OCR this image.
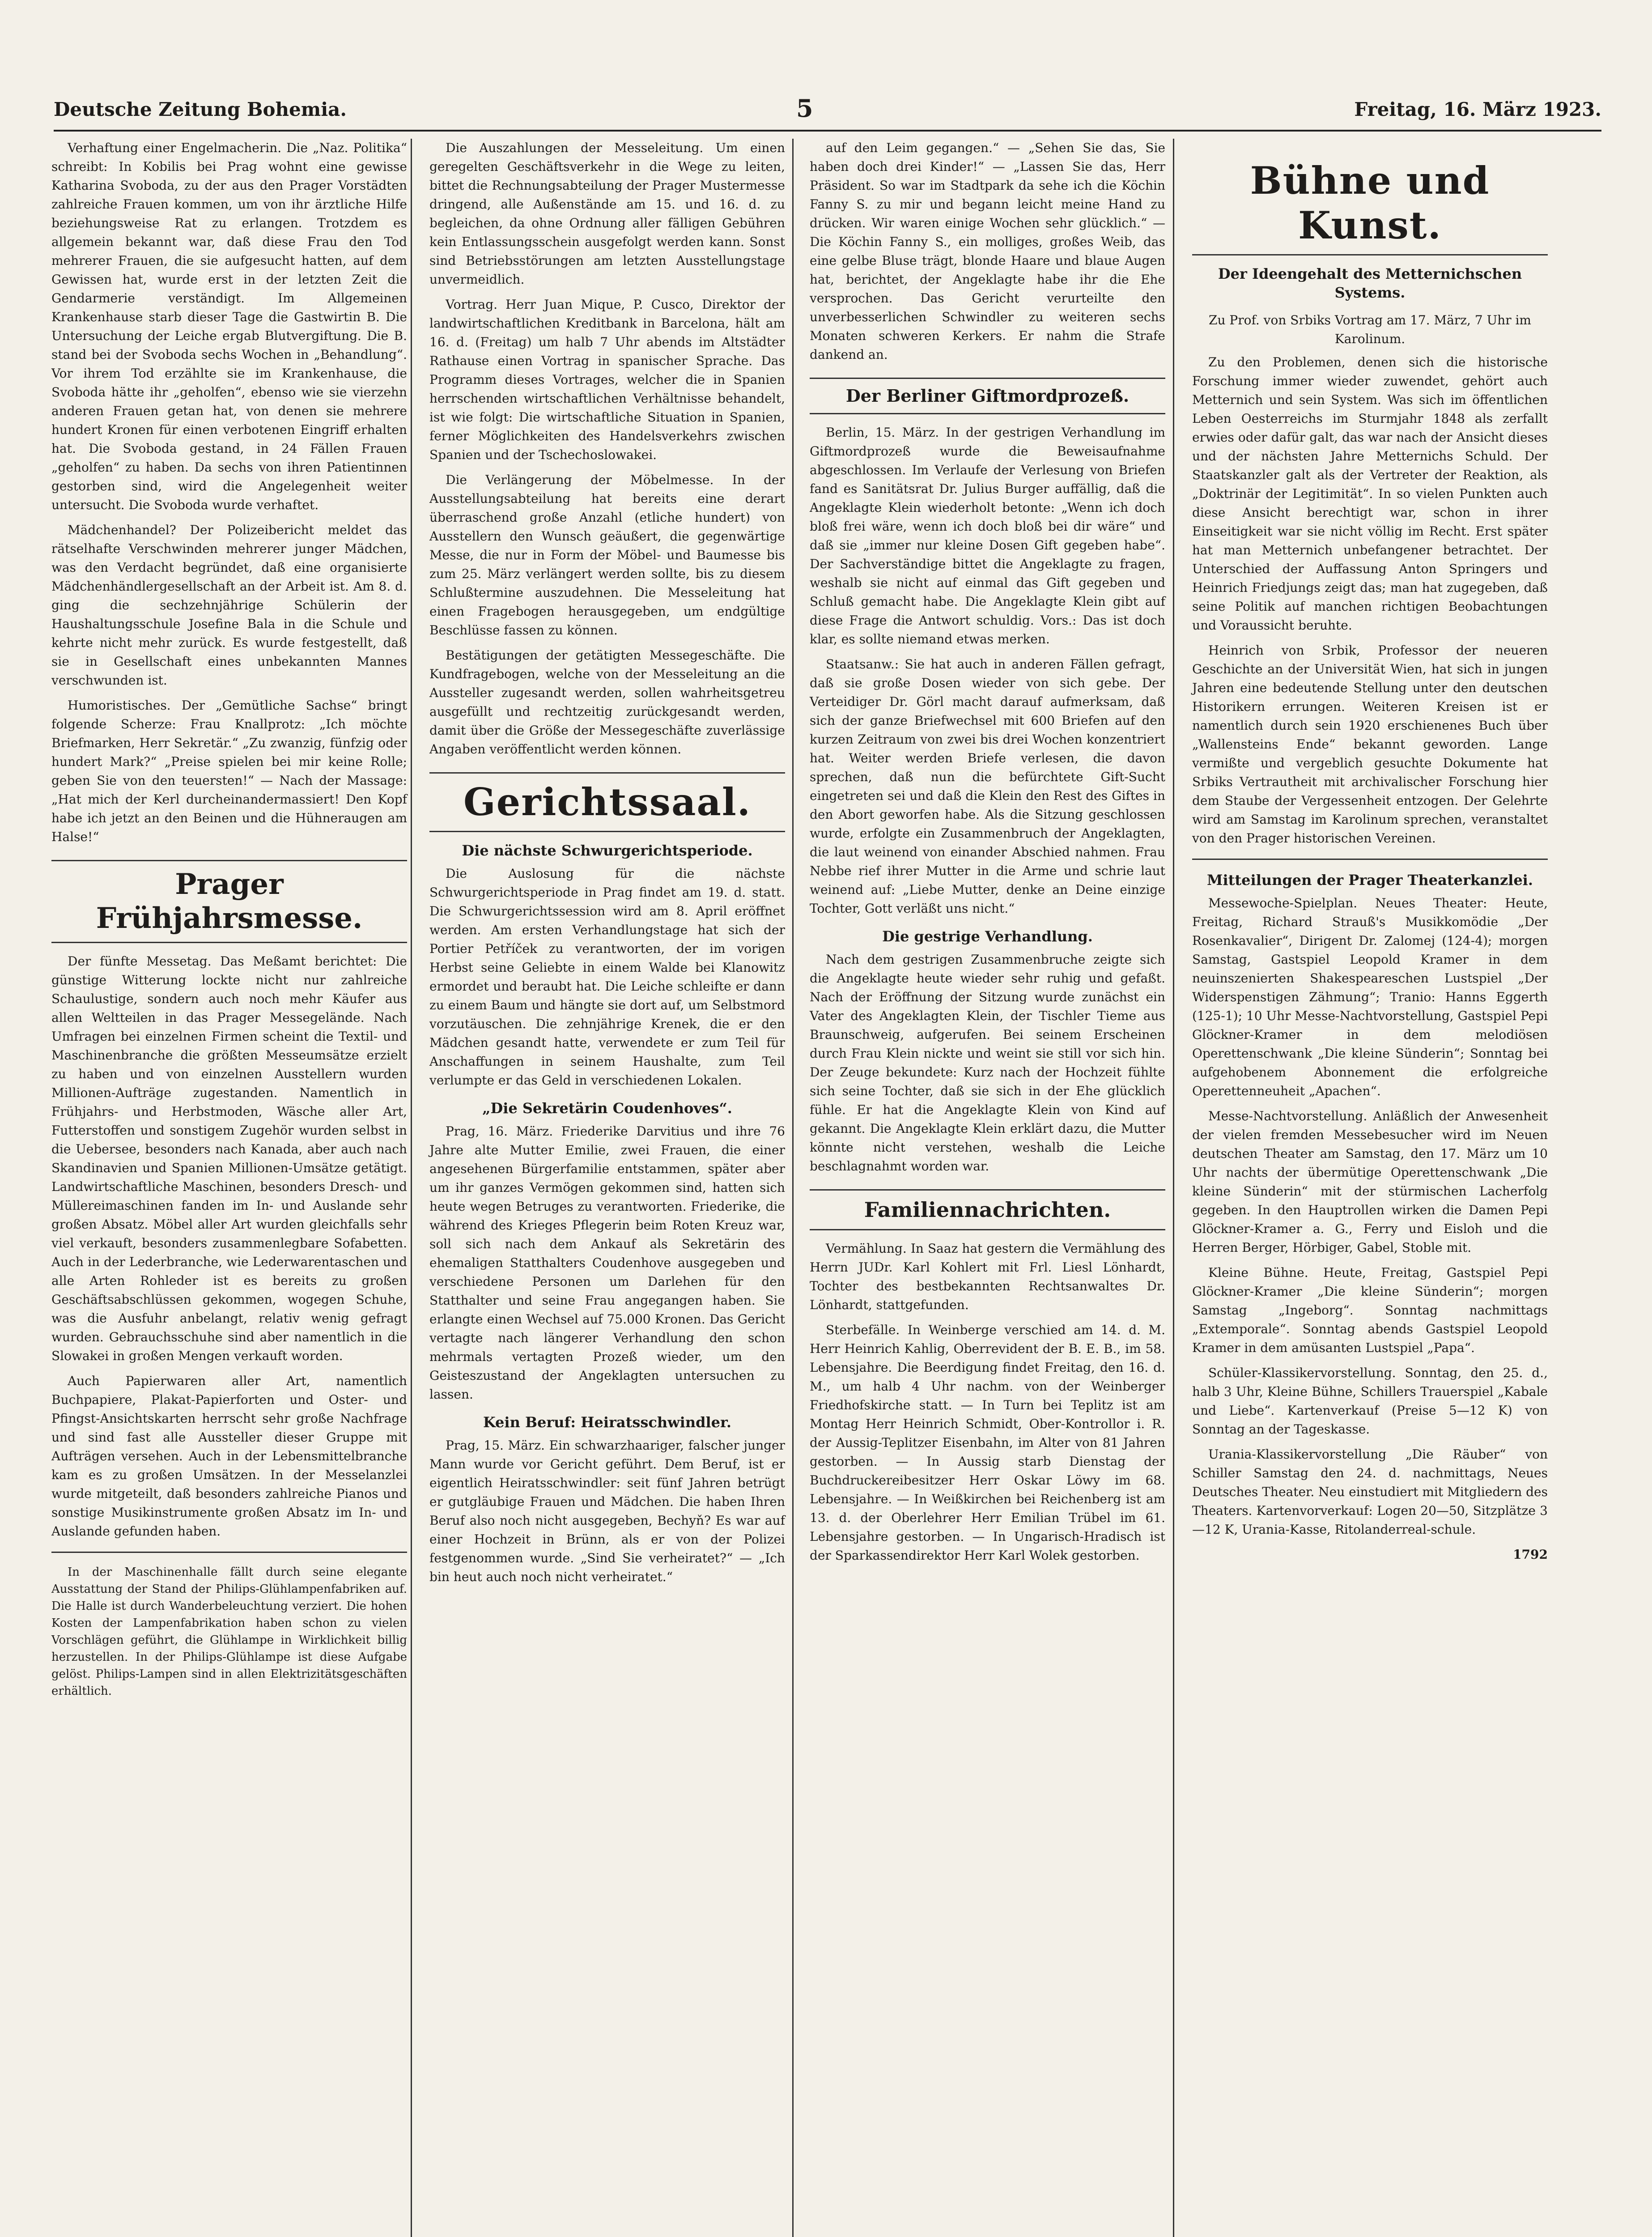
Deutsche Zeitung Bohemia.	5	Freitag, 16. März 1923.

Verhaftung einer Engelmacherin. Die „Naz. Politika“ schreibt: In Kobilis bei Prag wohnt eine gewisse Katharina Svoboda, zu der aus den Prager Vorstädten zahlreiche Frauen kommen, um von ihr ärztliche Hilfe beziehungsweise Rat zu erlangen. Trotzdem es allgemein bekannt war, daß diese Frau den Tod mehrerer Frauen, die sie aufgesucht hatten, auf dem Gewissen hat, wurde erst in der letzten Zeit die Gendarmerie verständigt. Im Allgemeinen Krankenhause starb dieser Tage die Gastwirtin B. Die Untersuchung der Leiche ergab Blutvergiftung. Die B. stand bei der Svoboda sechs Wochen in „Behandlung“. Vor ihrem Tod erzählte sie im Krankenhause, die Svoboda hätte ihr „geholfen“, ebenso wie sie vierzehn anderen Frauen getan hat, von denen sie mehrere hundert Kronen für einen verbotenen Eingriff erhalten hat. Die Svoboda gestand, in 24 Fällen Frauen „geholfen“ zu haben. Da sechs von ihren Patientinnen gestorben sind, wird die Angelegenheit weiter untersucht. Die Svoboda wurde verhaftet.

Mädchenhandel? Der Polizeibericht meldet das rätselhafte Verschwinden mehrerer junger Mädchen, was den Verdacht begründet, daß eine organisierte Mädchenhändlergesellschaft an der Arbeit ist. Am 8. d. ging die sechzehnjährige Schülerin der Haushaltungsschule Josefine Bala in die Schule und kehrte nicht mehr zurück. Es wurde festgestellt, daß sie in Gesellschaft eines unbekannten Mannes verschwunden ist.

Humoristisches. Der „Gemütliche Sachse“ bringt folgende Scherze: Frau Knallprotz: „Ich möchte Briefmarken, Herr Sekretär.“ „Zu zwanzig, fünfzig oder hundert Mark?“ „Preise spielen bei mir keine Rolle; geben Sie von den teuersten!“ — Nach der Massage: „Hat mich der Kerl durcheinandermassiert! Den Kopf habe ich jetzt an den Beinen und die Hühneraugen am Halse!“

Prager Frühjahrsmesse.

Der fünfte Messetag. Das Meßamt berichtet: Die günstige Witterung lockte nicht nur zahlreiche Schaulustige, sondern auch noch mehr Käufer aus allen Weltteilen in das Prager Messegelände. Nach Umfragen bei einzelnen Firmen scheint die Textil- und Maschinenbranche die größten Messeumsätze erzielt zu haben und von einzelnen Ausstellern wurden Millionen-Aufträge zugestanden. Namentlich in Frühjahrs- und Herbstmoden, Wäsche aller Art, Futterstoffen und sonstigem Zugehör wurden selbst in die Uebersee, besonders nach Kanada, aber auch nach Skandinavien und Spanien Millionen-Umsätze getätigt. Landwirtschaftliche Maschinen, besonders Dresch- und Müllereimaschinen fanden im In- und Auslande sehr großen Absatz. Möbel aller Art wurden gleichfalls sehr viel verkauft, besonders zusammenlegbare Sofabetten. Auch in der Lederbranche, wie Lederwarentaschen und alle Arten Rohleder ist es bereits zu großen Geschäftsabschlüssen gekommen, wogegen Schuhe, was die Ausfuhr anbelangt, relativ wenig gefragt wurden. Gebrauchsschuhe sind aber namentlich in die Slowakei in großen Mengen verkauft worden.

Auch Papierwaren aller Art, namentlich Buchpapiere, Plakat-Papierforten und Oster- und Pfingst-Ansichtskarten herrscht sehr große Nachfrage und sind fast alle Aussteller dieser Gruppe mit Aufträgen versehen. Auch in der Lebensmittelbranche kam es zu großen Umsätzen. In der Messelanzlei wurde mitgeteilt, daß besonders zahlreiche Pianos und sonstige Musikinstrumente großen Absatz im In- und Auslande gefunden haben.

In der Maschinenhalle fällt durch seine elegante Ausstattung der Stand der Philips-Glühlampenfabriken auf. Die Halle ist durch Wanderbeleuchtung verziert. Die hohen Kosten der Lampenfabrikation haben schon zu vielen Vorschlägen geführt, die Glühlampe in Wirklichkeit billig herzustellen. In der Philips-Glühlampe ist diese Aufgabe gelöst. Philips-Lampen sind in allen Elektrizitätsgeschäften erhältlich.

Die Auszahlungen der Messeleitung. Um einen geregelten Geschäftsverkehr in die Wege zu leiten, bittet die Rechnungsabteilung der Prager Mustermesse dringend, alle Außenstände am 15. und 16. d. zu begleichen, da ohne Ordnung aller fälligen Gebühren kein Entlassungsschein ausgefolgt werden kann. Sonst sind Betriebsstörungen am letzten Ausstellungstage unvermeidlich.

Vortrag. Herr Juan Mique, P. Cusco, Direktor der landwirtschaftlichen Kreditbank in Barcelona, hält am 16. d. (Freitag) um halb 7 Uhr abends im Altstädter Rathause einen Vortrag in spanischer Sprache. Das Programm dieses Vortrages, welcher die in Spanien herrschenden wirtschaftlichen Verhältnisse behandelt, ist wie folgt: Die wirtschaftliche Situation in Spanien, ferner Möglichkeiten des Handelsverkehrs zwischen Spanien und der Tschechoslowakei.

Die Verlängerung der Möbelmesse. In der Ausstellungsabteilung hat bereits eine derart überraschend große Anzahl (etliche hundert) von Ausstellern den Wunsch geäußert, die gegenwärtige Messe, die nur in Form der Möbel- und Baumesse bis zum 25. März verlängert werden sollte, bis zu diesem Schlußtermine auszudehnen. Die Messeleitung hat einen Fragebogen herausgegeben, um endgültige Beschlüsse fassen zu können.

Bestätigungen der getätigten Messegeschäfte. Die Kundfragebogen, welche von der Messeleitung an die Aussteller zugesandt werden, sollen wahrheitsgetreu ausgefüllt und rechtzeitig zurückgesandt werden, damit über die Größe der Messegeschäfte zuverlässige Angaben veröffentlicht werden können.

Gerichtssaal.
Die nächste Schwurgerichtsperiode.

Die Auslosung für die nächste Schwurgerichtsperiode in Prag findet am 19. d. statt. Die Schwurgerichtssession wird am 8. April eröffnet werden. Am ersten Verhandlungstage hat sich der Portier Petříček zu verantworten, der im vorigen Herbst seine Geliebte in einem Walde bei Klanowitz ermordet und beraubt hat. Die Leiche schleifte er dann zu einem Baum und hängte sie dort auf, um Selbstmord vorzutäuschen. Die zehnjährige Krenek, die er den Mädchen gesandt hatte, verwendete er zum Teil für Anschaffungen in seinem Haushalte, zum Teil verlumpte er das Geld in verschiedenen Lokalen.

„Die Sekretärin Coudenhoves“.

Prag, 16. März. Friederike Darvitius und ihre 76 Jahre alte Mutter Emilie, zwei Frauen, die einer angesehenen Bürgerfamilie entstammen, später aber um ihr ganzes Vermögen gekommen sind, hatten sich heute wegen Betruges zu verantworten. Friederike, die während des Krieges Pflegerin beim Roten Kreuz war, soll sich nach dem Ankauf als Sekretärin des ehemaligen Statthalters Coudenhove ausgegeben und verschiedene Personen um Darlehen für den Statthalter und seine Frau angegangen haben. Sie erlangte einen Wechsel auf 75.000 Kronen. Das Gericht vertagte nach längerer Verhandlung den schon mehrmals vertagten Prozeß wieder, um den Geisteszustand der Angeklagten untersuchen zu lassen.

Kein Beruf: Heiratsschwindler.

Prag, 15. März. Ein schwarzhaariger, falscher junger Mann wurde vor Gericht geführt. Dem Beruf, ist er eigentlich Heiratsschwindler: seit fünf Jahren betrügt er gutgläubige Frauen und Mädchen. Die haben Ihren Beruf also noch nicht ausgegeben, Bechyň? Es war auf einer Hochzeit in Brünn, als er von der Polizei festgenommen wurde. „Sind Sie verheiratet?“ — „Ich bin heut auch noch nicht verheiratet.“

auf den Leim gegangen.“ — „Sehen Sie das, Sie haben doch drei Kinder!“ — „Lassen Sie das, Herr Präsident. So war im Stadtpark da sehe ich die Köchin Fanny S. zu mir und begann leicht meine Hand zu drücken. Wir waren einige Wochen sehr glücklich.“ — Die Köchin Fanny S., ein molliges, großes Weib, das eine gelbe Bluse trägt, blonde Haare und blaue Augen hat, berichtet, der Angeklagte habe ihr die Ehe versprochen. Das Gericht verurteilte den unverbesserlichen Schwindler zu weiteren sechs Monaten schweren Kerkers. Er nahm die Strafe dankend an.

Der Berliner Giftmordprozeß.

Berlin, 15. März. In der gestrigen Verhandlung im Giftmordprozeß wurde die Beweisaufnahme abgeschlossen. Im Verlaufe der Verlesung von Briefen fand es Sanitätsrat Dr. Julius Burger auffällig, daß die Angeklagte Klein wiederholt betonte: „Wenn ich doch bloß frei wäre, wenn ich doch bloß bei dir wäre“ und daß sie „immer nur kleine Dosen Gift gegeben habe“. Der Sachverständige bittet die Angeklagte zu fragen, weshalb sie nicht auf einmal das Gift gegeben und Schluß gemacht habe. Die Angeklagte Klein gibt auf diese Frage die Antwort schuldig. Vors.: Das ist doch klar, es sollte niemand etwas merken.

Staatsanw.: Sie hat auch in anderen Fällen gefragt, daß sie große Dosen wieder von sich gebe. Der Verteidiger Dr. Görl macht darauf aufmerksam, daß sich der ganze Briefwechsel mit 600 Briefen auf den kurzen Zeitraum von zwei bis drei Wochen konzentriert hat. Weiter werden Briefe verlesen, die davon sprechen, daß nun die befürchtete Gift-Sucht eingetreten sei und daß die Klein den Rest des Giftes in den Abort geworfen habe. Als die Sitzung geschlossen wurde, erfolgte ein Zusammenbruch der Angeklagten, die laut weinend von einander Abschied nahmen. Frau Nebbe rief ihrer Mutter in die Arme und schrie laut weinend auf: „Liebe Mutter, denke an Deine einzige Tochter, Gott verläßt uns nicht.“

Die gestrige Verhandlung.

Nach dem gestrigen Zusammenbruche zeigte sich die Angeklagte heute wieder sehr ruhig und gefaßt. Nach der Eröffnung der Sitzung wurde zunächst ein Vater des Angeklagten Klein, der Tischler Tieme aus Braunschweig, aufgerufen. Bei seinem Erscheinen durch Frau Klein nickte und weint sie still vor sich hin. Der Zeuge bekundete: Kurz nach der Hochzeit fühlte sich seine Tochter, daß sie sich in der Ehe glücklich fühle. Er hat die Angeklagte Klein von Kind auf gekannt. Die Angeklagte Klein erklärt dazu, die Mutter könnte nicht verstehen, weshalb die Leiche beschlagnahmt worden war.

Familiennachrichten.

Vermählung. In Saaz hat gestern die Vermählung des Herrn JUDr. Karl Kohlert mit Frl. Liesl Lönhardt, Tochter des bestbekannten Rechtsanwaltes Dr. Lönhardt, stattgefunden.

Sterbefälle. In Weinberge verschied am 14. d. M. Herr Heinrich Kahlig, Oberrevident der B. E. B., im 58. Lebensjahre. Die Beerdigung findet Freitag, den 16. d. M., um halb 4 Uhr nachm. von der Weinberger Friedhofskirche statt. — In Turn bei Teplitz ist am Montag Herr Heinrich Schmidt, Ober-Kontrollor i. R. der Aussig-Teplitzer Eisenbahn, im Alter von 81 Jahren gestorben. — In Aussig starb Dienstag der Buchdruckereibesitzer Herr Oskar Löwy im 68. Lebensjahre. — In Weißkirchen bei Reichenberg ist am 13. d. der Oberlehrer Herr Emilian Trübel im 61. Lebensjahre gestorben. — In Ungarisch-Hradisch ist der Sparkassendirektor Herr Karl Wolek gestorben.

Bühne und Kunst.
Der Ideengehalt des Metternichschen Systems.
Zu Prof. von Srbiks Vortrag am 17. März, 7 Uhr im Karolinum.

Zu den Problemen, denen sich die historische Forschung immer wieder zuwendet, gehört auch Metternich und sein System. Was sich im öffentlichen Leben Oesterreichs im Sturmjahr 1848 als zerfallt erwies oder dafür galt, das war nach der Ansicht dieses und der nächsten Jahre Metternichs Schuld. Der Staatskanzler galt als der Vertreter der Reaktion, als „Doktrinär der Legitimität“. In so vielen Punkten auch diese Ansicht berechtigt war, schon in ihrer Einseitigkeit war sie nicht völlig im Recht. Erst später hat man Metternich unbefangener betrachtet. Der Unterschied der Auffassung Anton Springers und Heinrich Friedjungs zeigt das; man hat zugegeben, daß seine Politik auf manchen richtigen Beobachtungen und Voraussicht beruhte.

Heinrich von Srbik, Professor der neueren Geschichte an der Universität Wien, hat sich in jungen Jahren eine bedeutende Stellung unter den deutschen Historikern errungen. Weiteren Kreisen ist er namentlich durch sein 1920 erschienenes Buch über „Wallensteins Ende“ bekannt geworden. Lange vermißte und vergeblich gesuchte Dokumente hat Srbiks Vertrautheit mit archivalischer Forschung hier dem Staube der Vergessenheit entzogen. Der Gelehrte wird am Samstag im Karolinum sprechen, veranstaltet von den Prager historischen Vereinen.

Mitteilungen der Prager Theaterkanzlei.

Messewoche-Spielplan. Neues Theater: Heute, Freitag, Richard Strauß's Musikkomödie „Der Rosenkavalier“, Dirigent Dr. Zalomej (124-4); morgen Samstag, Gastspiel Leopold Kramer in dem neuinszenierten Shakespeareschen Lustspiel „Der Widerspenstigen Zähmung“; Tranio: Hanns Eggerth (125-1); 10 Uhr Messe-Nachtvorstellung, Gastspiel Pepi Glöckner-Kramer in dem melodiösen Operettenschwank „Die kleine Sünderin“; Sonntag bei aufgehobenem Abonnement die erfolgreiche Operettenneuheit „Apachen“.

Messe-Nachtvorstellung. Anläßlich der Anwesenheit der vielen fremden Messebesucher wird im Neuen deutschen Theater am Samstag, den 17. März um 10 Uhr nachts der übermütige Operettenschwank „Die kleine Sünderin“ mit der stürmischen Lacherfolg gegeben. In den Hauptrollen wirken die Damen Pepi Glöckner-Kramer a. G., Ferry und Eisloh und die Herren Berger, Hörbiger, Gabel, Stoble mit.

Kleine Bühne. Heute, Freitag, Gastspiel Pepi Glöckner-Kramer „Die kleine Sünderin“; morgen Samstag „Ingeborg“. Sonntag nachmittags „Extemporale“. Sonntag abends Gastspiel Leopold Kramer in dem amüsanten Lustspiel „Papa“.

Schüler-Klassikervorstellung. Sonntag, den 25. d., halb 3 Uhr, Kleine Bühne, Schillers Trauerspiel „Kabale und Liebe“. Kartenverkauf (Preise 5—12 K) von Sonntag an der Tageskasse.

Urania-Klassikervorstellung „Die Räuber“ von Schiller Samstag den 24. d. nachmittags, Neues Deutsches Theater. Neu einstudiert mit Mitgliedern des Theaters. Kartenvorverkauf: Logen 20—50, Sitzplätze 3—12 K, Urania-Kasse, Ritolanderreal-schule.

1792
